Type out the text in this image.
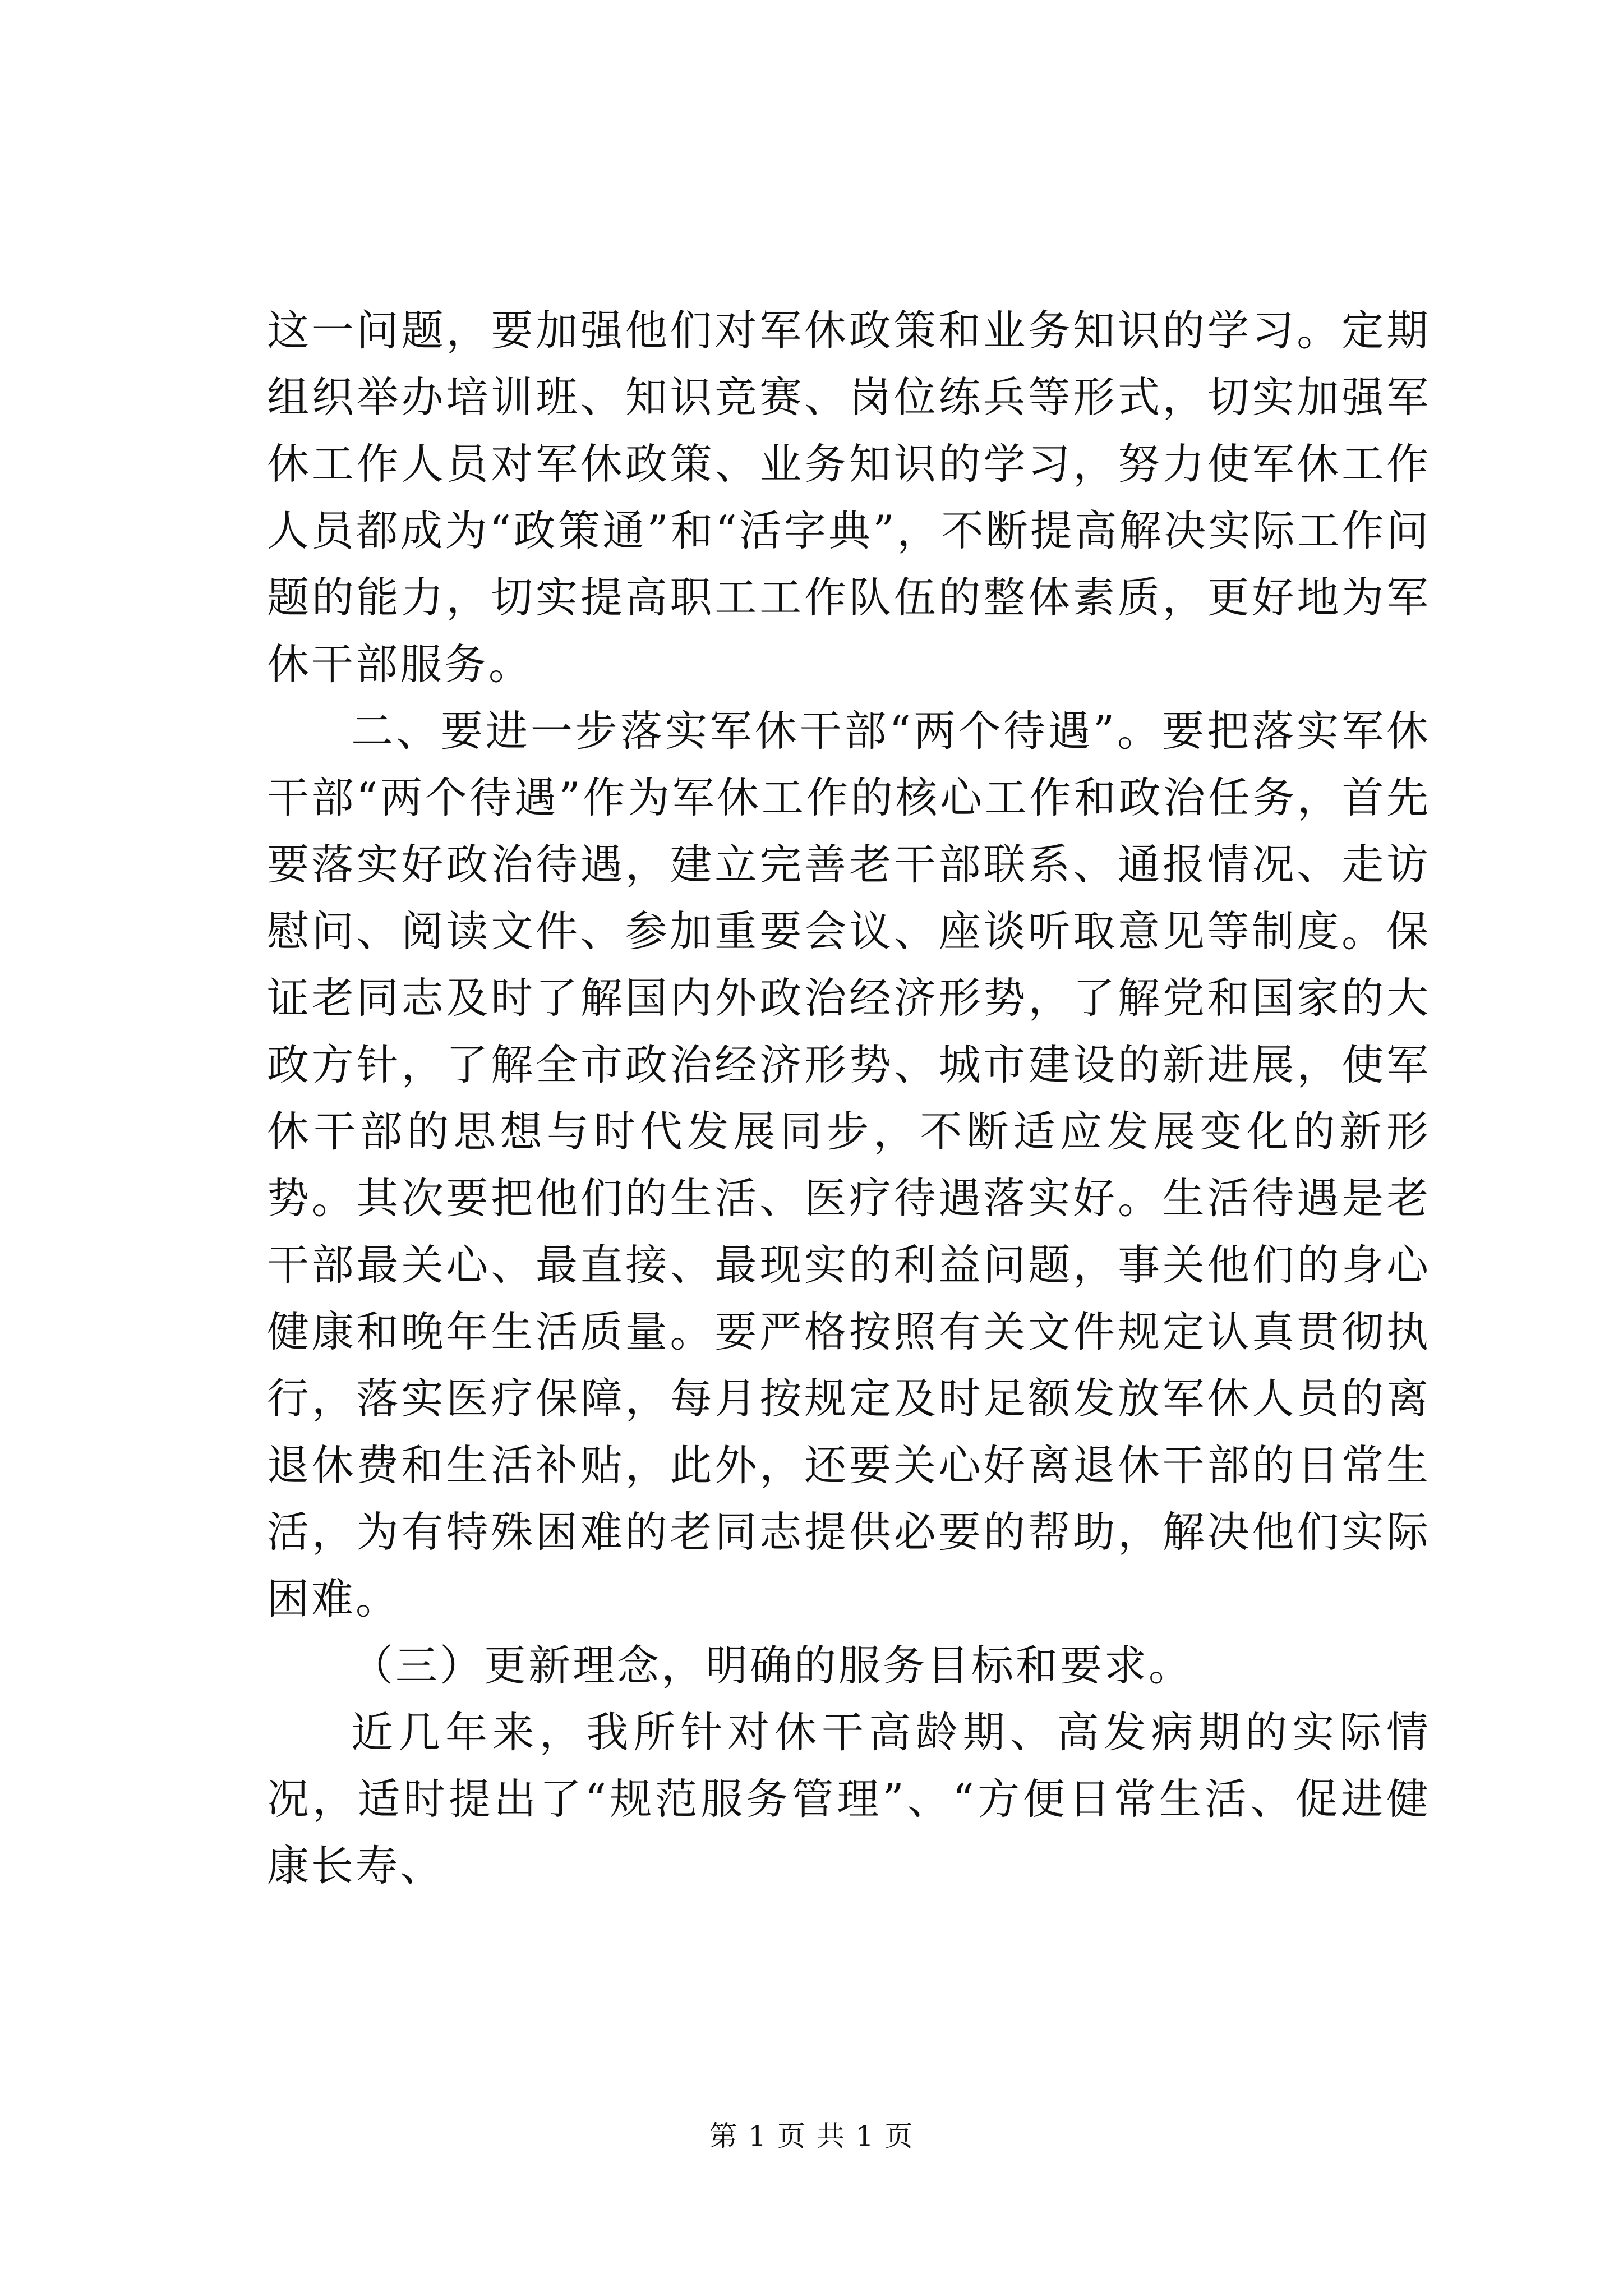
这一问题，要加强他们对军休政策和业务知识的学习。定期组织举办培训班、知识竞赛、岗位练兵等形式，切实加强军休工作人员对军休政策、业务知识的学习，努力使军休工作人员都成为“政策通”和“活字典”，不断提高解决实际工作问题的能力，切实提高职工工作队伍的整体素质，更好地为军休干部服务。

二、要进一步落实军休干部“两个待遇”。要把落实军休干部“两个待遇”作为军休工作的核心工作和政治任务，首先要落实好政治待遇，建立完善老干部联系、通报情况、走访慰问、阅读文件、参加重要会议、座谈听取意见等制度。保证老同志及时了解国内外政治经济形势，了解党和国家的大政方针，了解全市政治经济形势、城市建设的新进展，使军休干部的思想与时代发展同步，不断适应发展变化的新形势。其次要把他们的生活、医疗待遇落实好。生活待遇是老干部最关心、最直接、最现实的利益问题，事关他们的身心健康和晚年生活质量。要严格按照有关文件规定认真贯彻执行，落实医疗保障，每月按规定及时足额发放军休人员的离退休费和生活补贴，此外，还要关心好离退休干部的日常生活，为有特殊困难的老同志提供必要的帮助，解决他们实际困难。

（三）更新理念，明确的服务目标和要求。

近几年来，我所针对休干高龄期、高发病期的实际情况，适时提出了“规范服务管理”、“方便日常生活、促进健康长寿、

第 1 页 共 1 页
